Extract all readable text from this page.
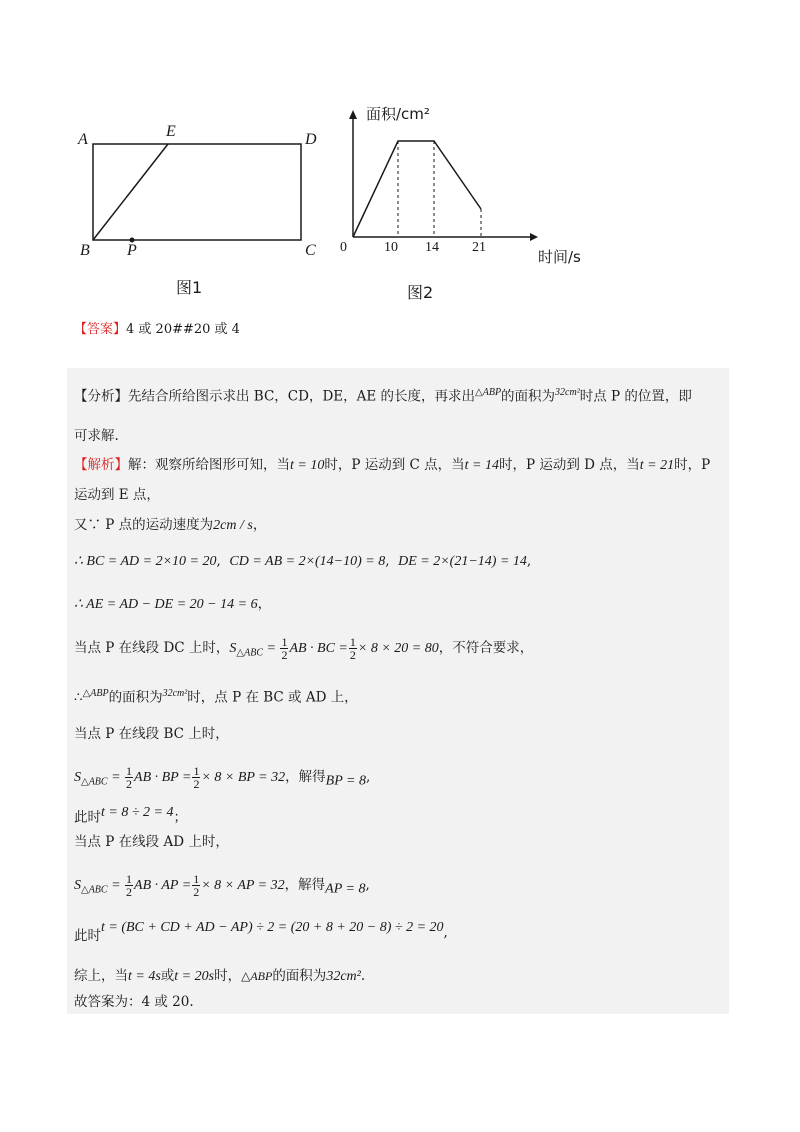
A	E	D
B P	C
图1
面积/cm²
0	10 14 21
时间/s
图2
【答案】4 或 20##20 或 4
【分析】先结合所给图示求出 BC，CD，DE，AE 的长度，再求出$^{\triangle ABP}$的面积为$^{32cm^2}$时点 P 的位置，即
可求解.
【解析】解：观察所给图形可知，当t = 10时，P 运动到 C 点，当t = 14时，P 运动到 D 点，当t = 21时，P
运动到 E 点，
又∵ P 点的运动速度为2cm / s，
∴ BC = AD = 2×10 = 20,  CD = AB = 2×(14−10) = 8,  DE = 2×(21−14) = 14,
∴ AE = AD − DE = 20 − 14 = 6，
当点 P 在线段 DC 上时，$S_{\triangle ABC} = \frac{1}{2}$ AB · BC = $\frac{1}{2} \times 8 \times 20 = 80$，不符合要求，
∴$^{\triangle ABP}$的面积为$^{32cm^2}$时，点 P 在 BC 或 AD 上，
当点 P 在线段 BC 上时，
$S_{\triangle ABC} = \frac{1}{2}$ AB · BP = $\frac{1}{2} \times 8$ × BP = 32，解得BP = 8,
此时t = 8 ÷ 2 = 4；
当点 P 在线段 AD 上时，
$S_{\triangle ABC} = \frac{1}{2}$ AB · AP = $\frac{1}{2} \times 8$ × AP = 32，解得AP = 8,
此时t = (BC + CD + AD − AP) ÷ 2 = (20 + 8 + 20 − 8) ÷ 2 = 20,
综上，当t = 4s或t = 20s时，△ABP的面积为32cm².
故答案为：4 或 20.
